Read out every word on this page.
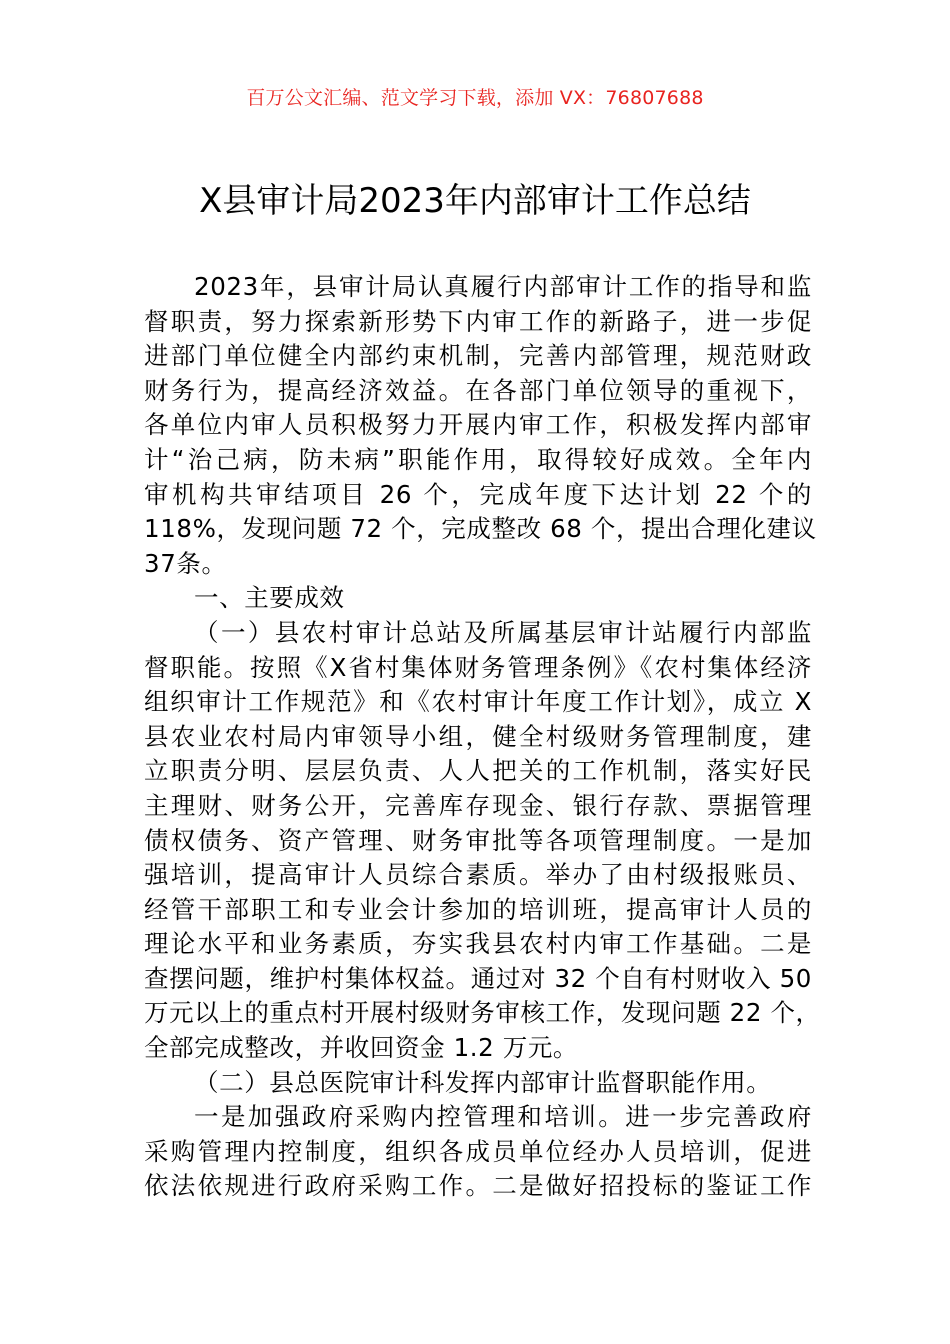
百万公文汇编、范文学习下载，添加 VX：76807688
X县审计局2023年内部审计工作总结
2023年，县审计局认真履行内部审计工作的指导和监
督职责，努力探索新形势下内审工作的新路子，进一步促
进部门单位健全内部约束机制，完善内部管理，规范财政
财务行为，提高经济效益。在各部门单位领导的重视下，
各单位内审人员积极努力开展内审工作，积极发挥内部审
计“治己病，防未病”职能作用，取得较好成效。全年内
审机构共审结项目 26 个，完成年度下达计划 22 个的
118%，发现问题 72 个，完成整改 68 个，提出合理化建议
37条。
一、主要成效
（一）县农村审计总站及所属基层审计站履行内部监
督职能。按照《X省村集体财务管理条例》《农村集体经济
组织审计工作规范》和《农村审计年度工作计划》，成立 X
县农业农村局内审领导小组，健全村级财务管理制度，建
立职责分明、层层负责、人人把关的工作机制，落实好民
主理财、财务公开，完善库存现金、银行存款、票据管理
债权债务、资产管理、财务审批等各项管理制度。一是加
强培训，提高审计人员综合素质。举办了由村级报账员、
经管干部职工和专业会计参加的培训班，提高审计人员的
理论水平和业务素质，夯实我县农村内审工作基础。二是
查摆问题，维护村集体权益。通过对 32 个自有村财收入 50
万元以上的重点村开展村级财务审核工作，发现问题 22 个，
全部完成整改，并收回资金 1.2 万元。
（二）县总医院审计科发挥内部审计监督职能作用。
一是加强政府采购内控管理和培训。进一步完善政府
采购管理内控制度，组织各成员单位经办人员培训，促进
依法依规进行政府采购工作。二是做好招投标的鉴证工作
